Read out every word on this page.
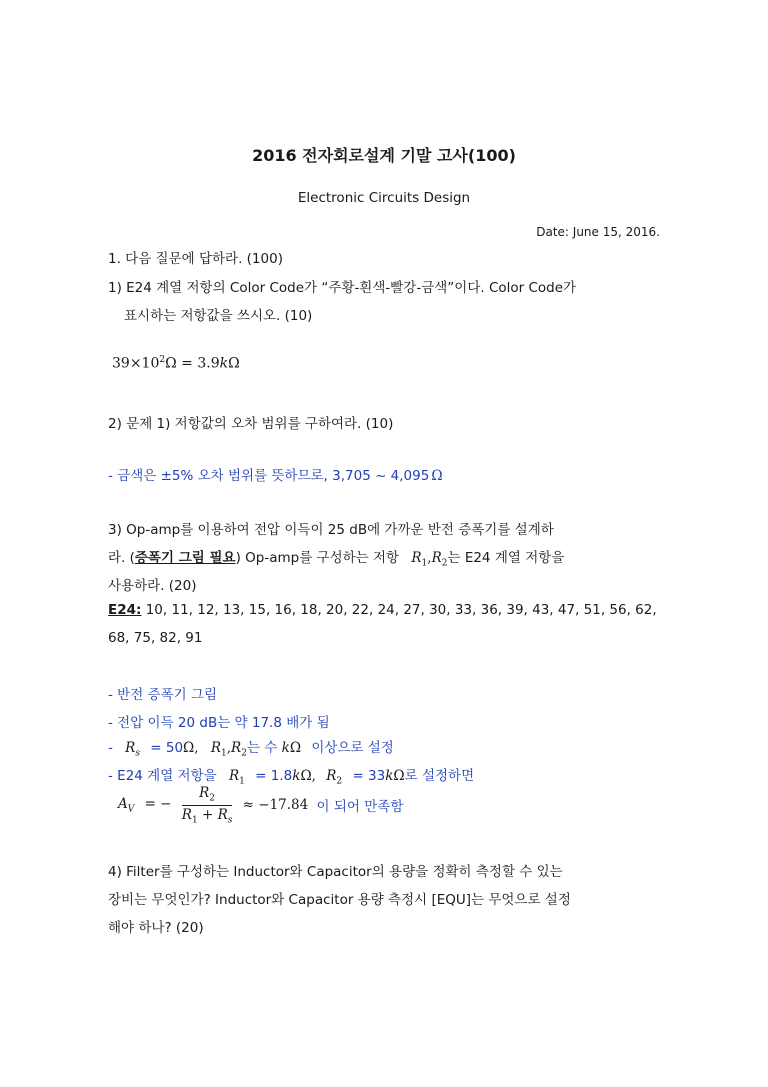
2016 전자회로설계 기말 고사(100)
Electronic Circuits Design
Date: June 15, 2016.
1. 다음 질문에 답하라. (100)
1) E24 계열 저항의 Color Code가 “주황-흰색-빨강-금색”이다. Color Code가
표시하는 저항값을 쓰시오. (10)
$39\times 10^2\Omega = 3.9k\Omega$
2) 문제 1) 저항값의 오차 범위를 구하여라. (10)
- 금색은 ±5% 오차 범위를 뜻하므로, 3,705 ~ 4,095 Ω
3) Op-amp를 이용하여 전압 이득이 25 dB에 가까운 반전 증폭기를 설계하
라. (증폭기 그림 필요) Op-amp를 구성하는 저항 $R_1,R_2$는 E24 계열 저항을
사용하라. (20)
E24: 10, 11, 12, 13, 15, 16, 18, 20, 22, 24, 27, 30, 33, 36, 39, 43, 47, 51, 56, 62,
68, 75, 82, 91
- 반전 증폭기 그림
- 전압 이득 20 dB는 약 17.8 배가 됨
- $R_s = 50\Omega$, $R_1,R_2$는 수 kΩ 이상으로 설정
- E24 계열 저항을 $R_1 = 1.8k\Omega$, $R_2 = 33k\Omega$로 설정하면
$A_V$ = − $\frac{R_2}{R_1 + R_s} \approx -17.84$ 이 되어 만족함
4) Filter를 구성하는 Inductor와 Capacitor의 용량을 정확히 측정할 수 있는
장비는 무엇인가? Inductor와 Capacitor 용량 측정시 [EQU]는 무엇으로 설정
해야 하나? (20)
